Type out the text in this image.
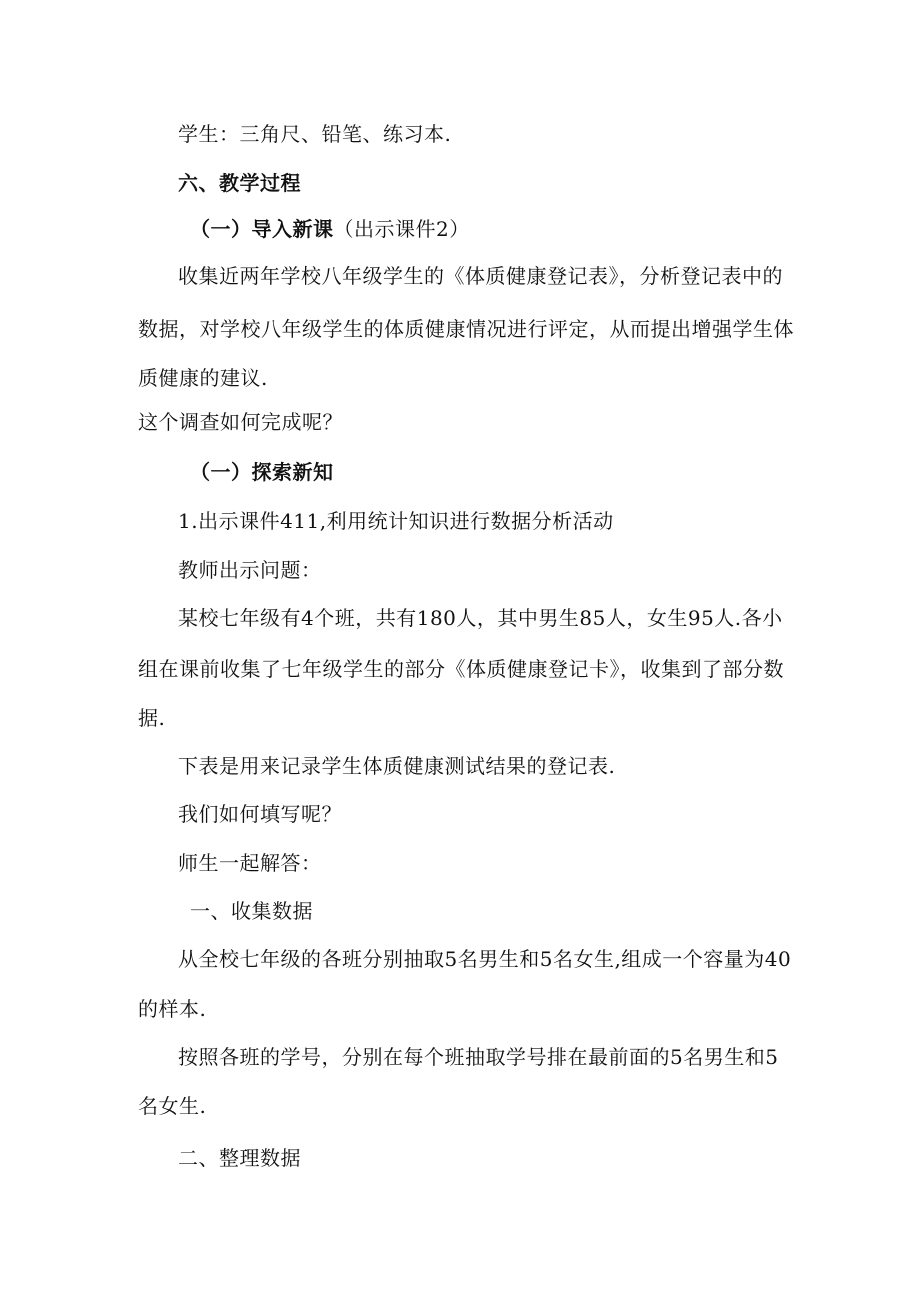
学生：三角尺、铅笔、练习本.
六、教学过程
（一）导入新课（出示课件2）
收集近两年学校八年级学生的《体质健康登记表》，分析登记表中的
数据，对学校八年级学生的体质健康情况进行评定，从而提出增强学生体
质健康的建议.
这个调查如何完成呢？
（一）探索新知
1.出示课件411,利用统计知识进行数据分析活动
教师出示问题：
某校七年级有4个班，共有180人，其中男生85人，女生95人.各小
组在课前收集了七年级学生的部分《体质健康登记卡》，收集到了部分数
据.
下表是用来记录学生体质健康测试结果的登记表.
我们如何填写呢？
师生一起解答：
一、收集数据
从全校七年级的各班分别抽取5名男生和5名女生,组成一个容量为40
的样本.
按照各班的学号，分别在每个班抽取学号排在最前面的5名男生和5
名女生.
二、整理数据
